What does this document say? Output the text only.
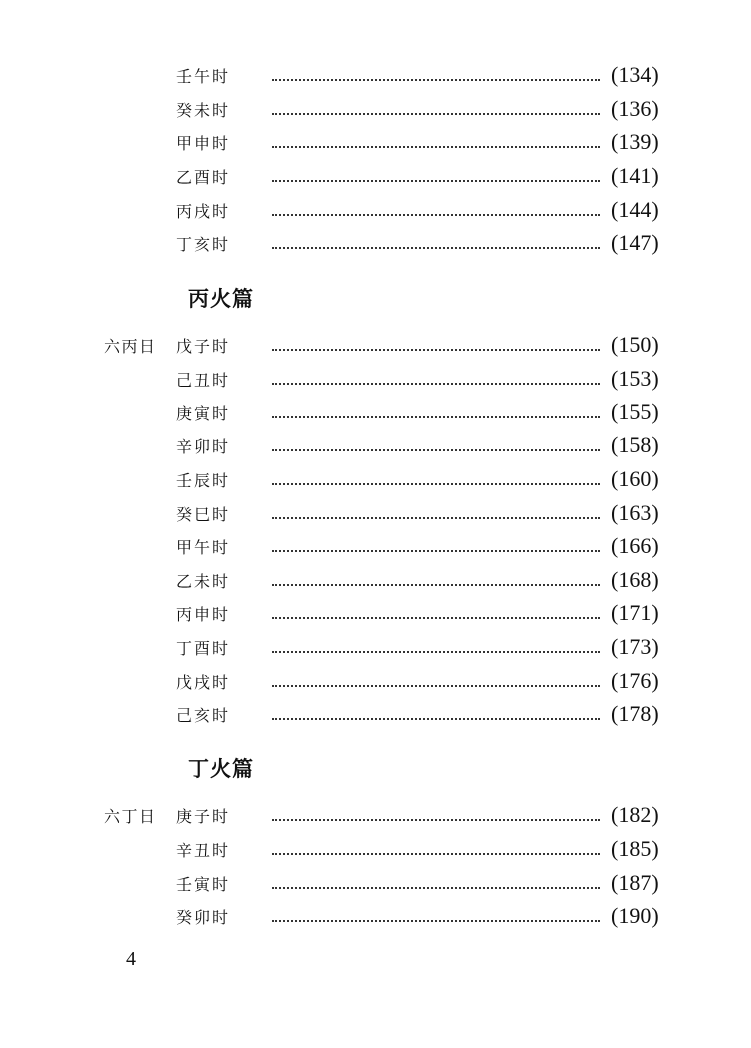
壬午时	(134)
癸未时	(136)
甲申时	(139)
乙酉时	(141)
丙戌时	(144)
丁亥时	(147)
丙火篇
六丙日 戊子时	(150)
己丑时	(153)
庚寅时	(155)
辛卯时	(158)
壬辰时	(160)
癸巳时	(163)
甲午时	(166)
乙未时	(168)
丙申时	(171)
丁酉时	(173)
戊戌时	(176)
己亥时	(178)
丁火篇
六丁日 庚子时	(182)
辛丑时	(185)
壬寅时	(187)
癸卯时	(190)
4
